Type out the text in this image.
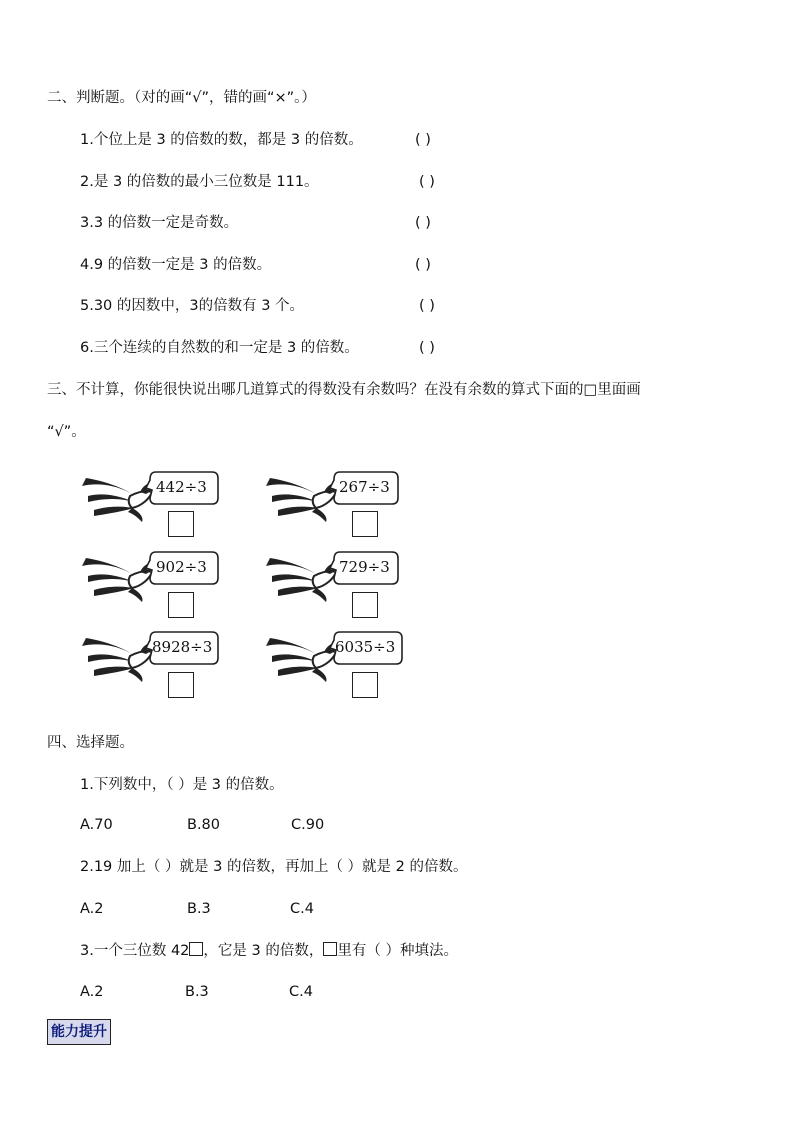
二、判断题。（对的画“√”，错的画“×”。）
1.个位上是 3 的倍数的数，都是 3 的倍数。	( )
2.是 3 的倍数的最小三位数是 111。	( )
3.3 的倍数一定是奇数。	( )
4.9 的倍数一定是 3 的倍数。	( )
5.30 的因数中，3的倍数有 3 个。	( )
6.三个连续的自然数的和一定是 3 的倍数。	( )
三、不计算，你能很快说出哪几道算式的得数没有余数吗？在没有余数的算式下面的□里面画
“√”。
442÷3	267÷3
902÷3	729÷3
8928÷3	6035÷3
四、选择题。
1.下列数中，（ ）是 3 的倍数。
A.70	B.80	C.90
2.19 加上（ ）就是 3 的倍数，再加上（ ）就是 2 的倍数。
A.2	B.3	C.4
3.一个三位数 42 ，它是 3 的倍数， 里有（ ）种填法。
A.2	B.3	C.4
能力提升
